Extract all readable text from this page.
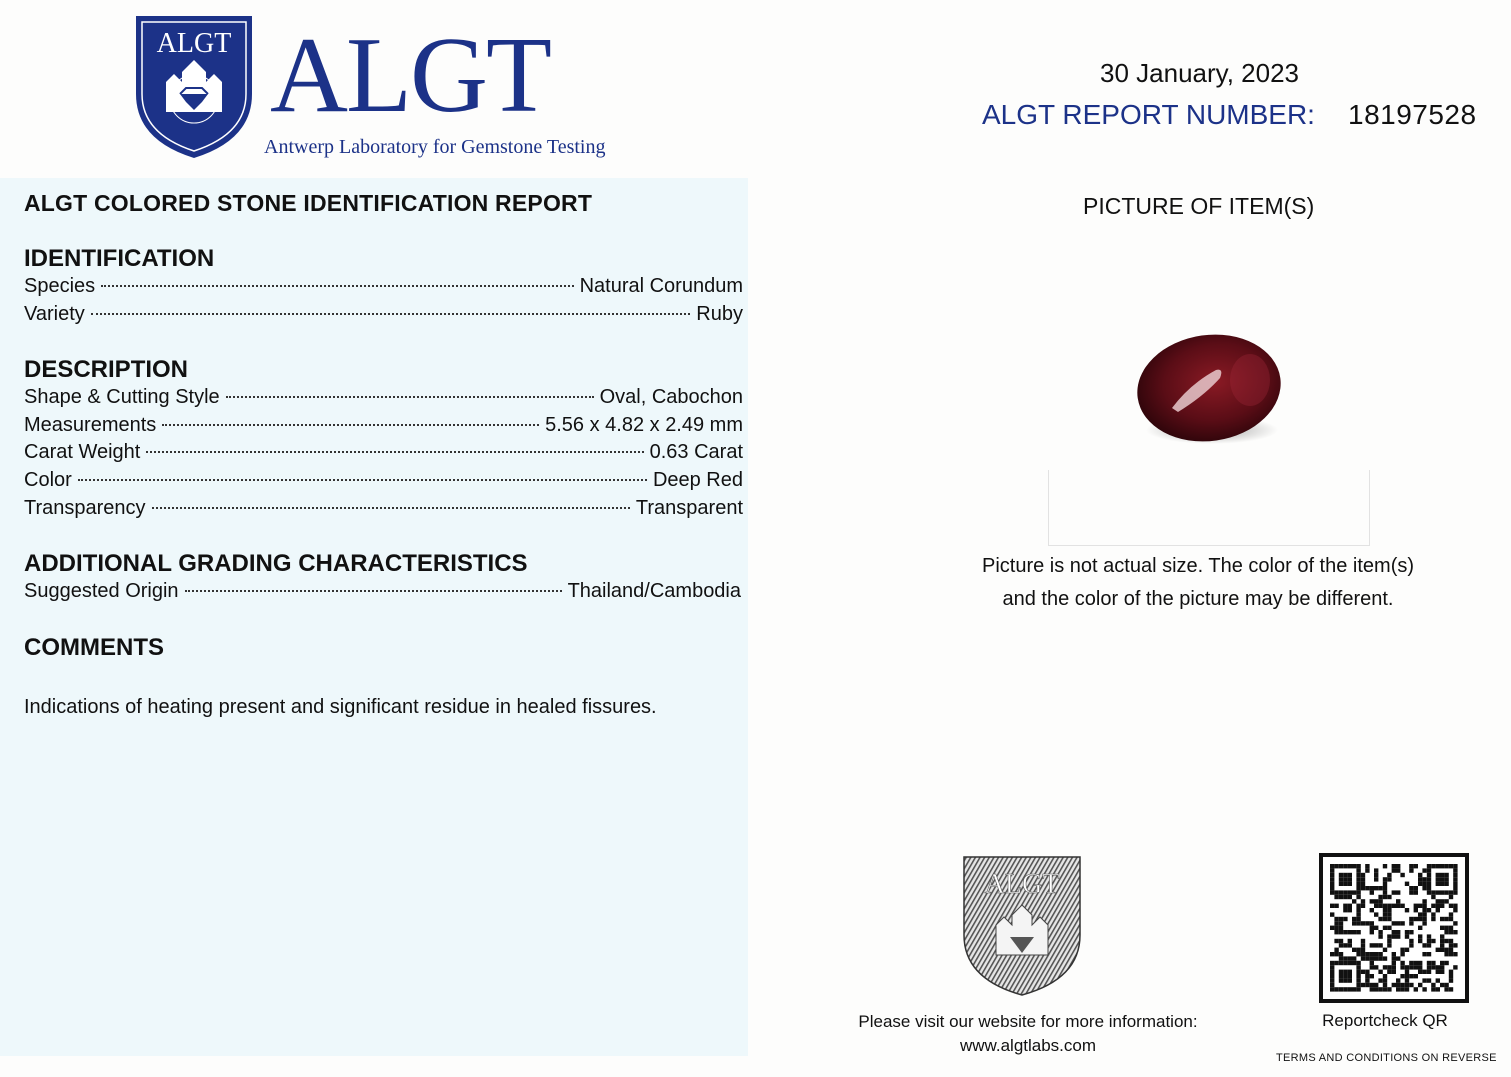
ALGT ALGT
Antwerp Laboratory for Gemstone Testing
ALGT COLORED STONE IDENTIFICATION REPORT
IDENTIFICATION
Species	Natural Corundum
Variety	Ruby
DESCRIPTION
Shape & Cutting Style	Oval, Cabochon
Measurements	5.56 x 4.82 x 2.49 mm
Carat Weight	0.63 Carat
Color	Deep Red
Transparency	Transparent
ADDITIONAL GRADING CHARACTERISTICS
Suggested Origin	Thailand/Cambodia
COMMENTS
Indications of heating present and significant residue in healed fissures.
30 January, 2023
ALGT REPORT NUMBER: 18197528
PICTURE OF ITEM(S)
Picture is not actual size. The color of the item(s)
and the color of the picture may be different.
ALGT
Please visit our website for more information:
www.algtlabs.com
Reportcheck QR
TERMS AND CONDITIONS ON REVERSE
